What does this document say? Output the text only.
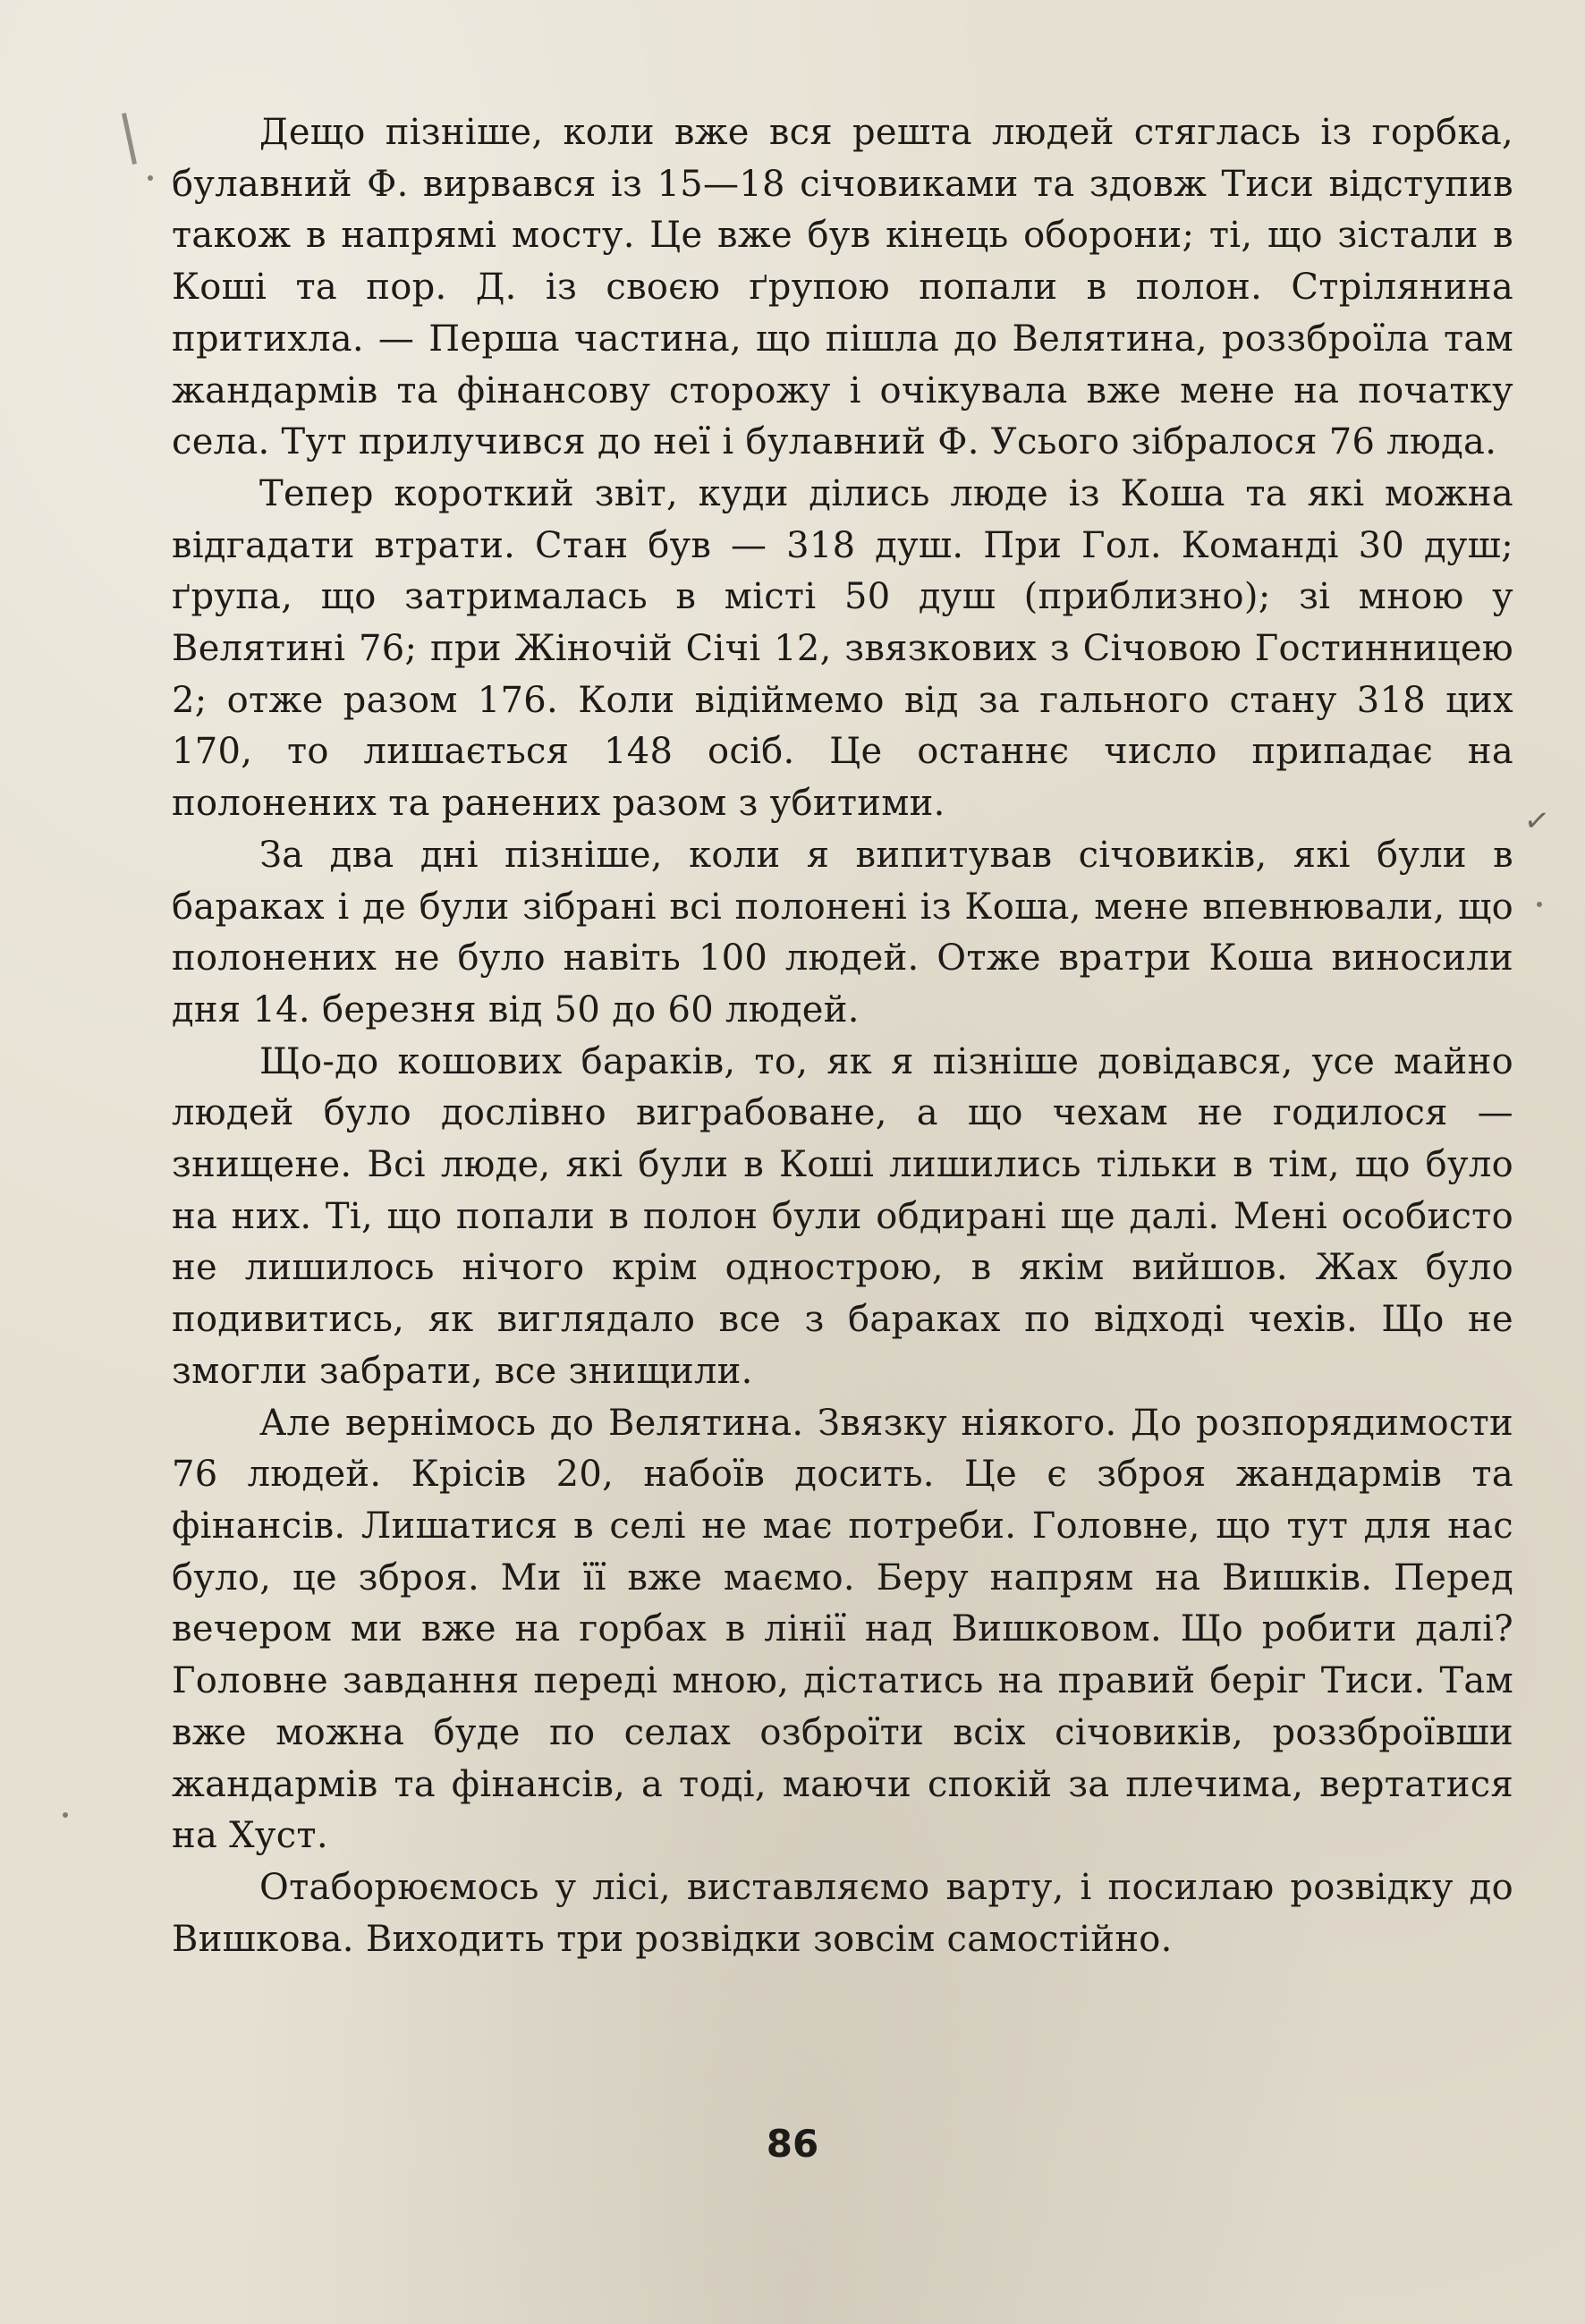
Дещо пізніше, коли вже вся решта людей стяглась із горбка, булавний Ф. вирвався із 15—18 січовиками та здовж Тиси відступив також в напрямі мосту. Це вже був кінець оборони; ті, що зістали в Коші та пор. Д. із своєю ґрупою попали в полон. Стрілянина притихла. — Перша частина, що пішла до Велятина, роззброїла там жандармів та фінансову сторожу і очікувала вже мене на початку села. Тут прилучився до неї і булавний Ф. Усього зібралося 76 люда.

Тепер короткий звіт, куди ділись люде із Коша та які можна відгадати втрати. Стан був — 318 душ. При Гол. Команді 30 душ; ґрупа, що затрималась в місті 50 душ (приблизно); зі мною у Велятині 76; при Жіночій Січі 12, звязкових з Січовою Гостинницею 2; отже разом 176. Коли відіймемо від за гального стану 318 цих 170, то лишається 148 осіб. Це останнє число припадає на полонених та ранених разом з убитими.

За два дні пізніше, коли я випитував січовиків, які були в бараках і де були зібрані всі полонені із Коша, мене впевнювали, що полонених не було навіть 100 людей. Отже вратри Коша виносили дня 14. березня від 50 до 60 людей.

Що-до кошових бараків, то, як я пізніше довідався, усе майно людей було дослівно виграбоване, а що чехам не годилося — знищене. Всі люде, які були в Коші лишились тільки в тім, що було на них. Ті, що попали в полон були обдирані ще далі. Мені особисто не лишилось нічого крім однострою, в якім вийшов. Жах було подивитись, як виглядало все з бараках по відході чехів. Що не змогли забрати, все знищили.

Але вернімось до Велятина. Звязку ніякого. До розпорядимости 76 людей. Крісів 20, набоїв досить. Це є зброя жандармів та фінансів. Лишатися в селі не має потреби. Головне, що тут для нас було, це зброя. Ми її вже маємо. Беру напрям на Вишків. Перед вечером ми вже на горбах в лінії над Вишковом. Що робити далі? Головне завдання переді мною, дістатись на правий беріг Тиси. Там вже можна буде по селах озброїти всіх січовиків, роззброївши жандармів та фінансів, а тоді, маючи спокій за плечима, вертатися на Хуст.

Отаборюємось у лісі, виставляємо варту, і посилаю розвідку до Вишкова. Виходить три розвідки зовсім самостійно.

✓
86
